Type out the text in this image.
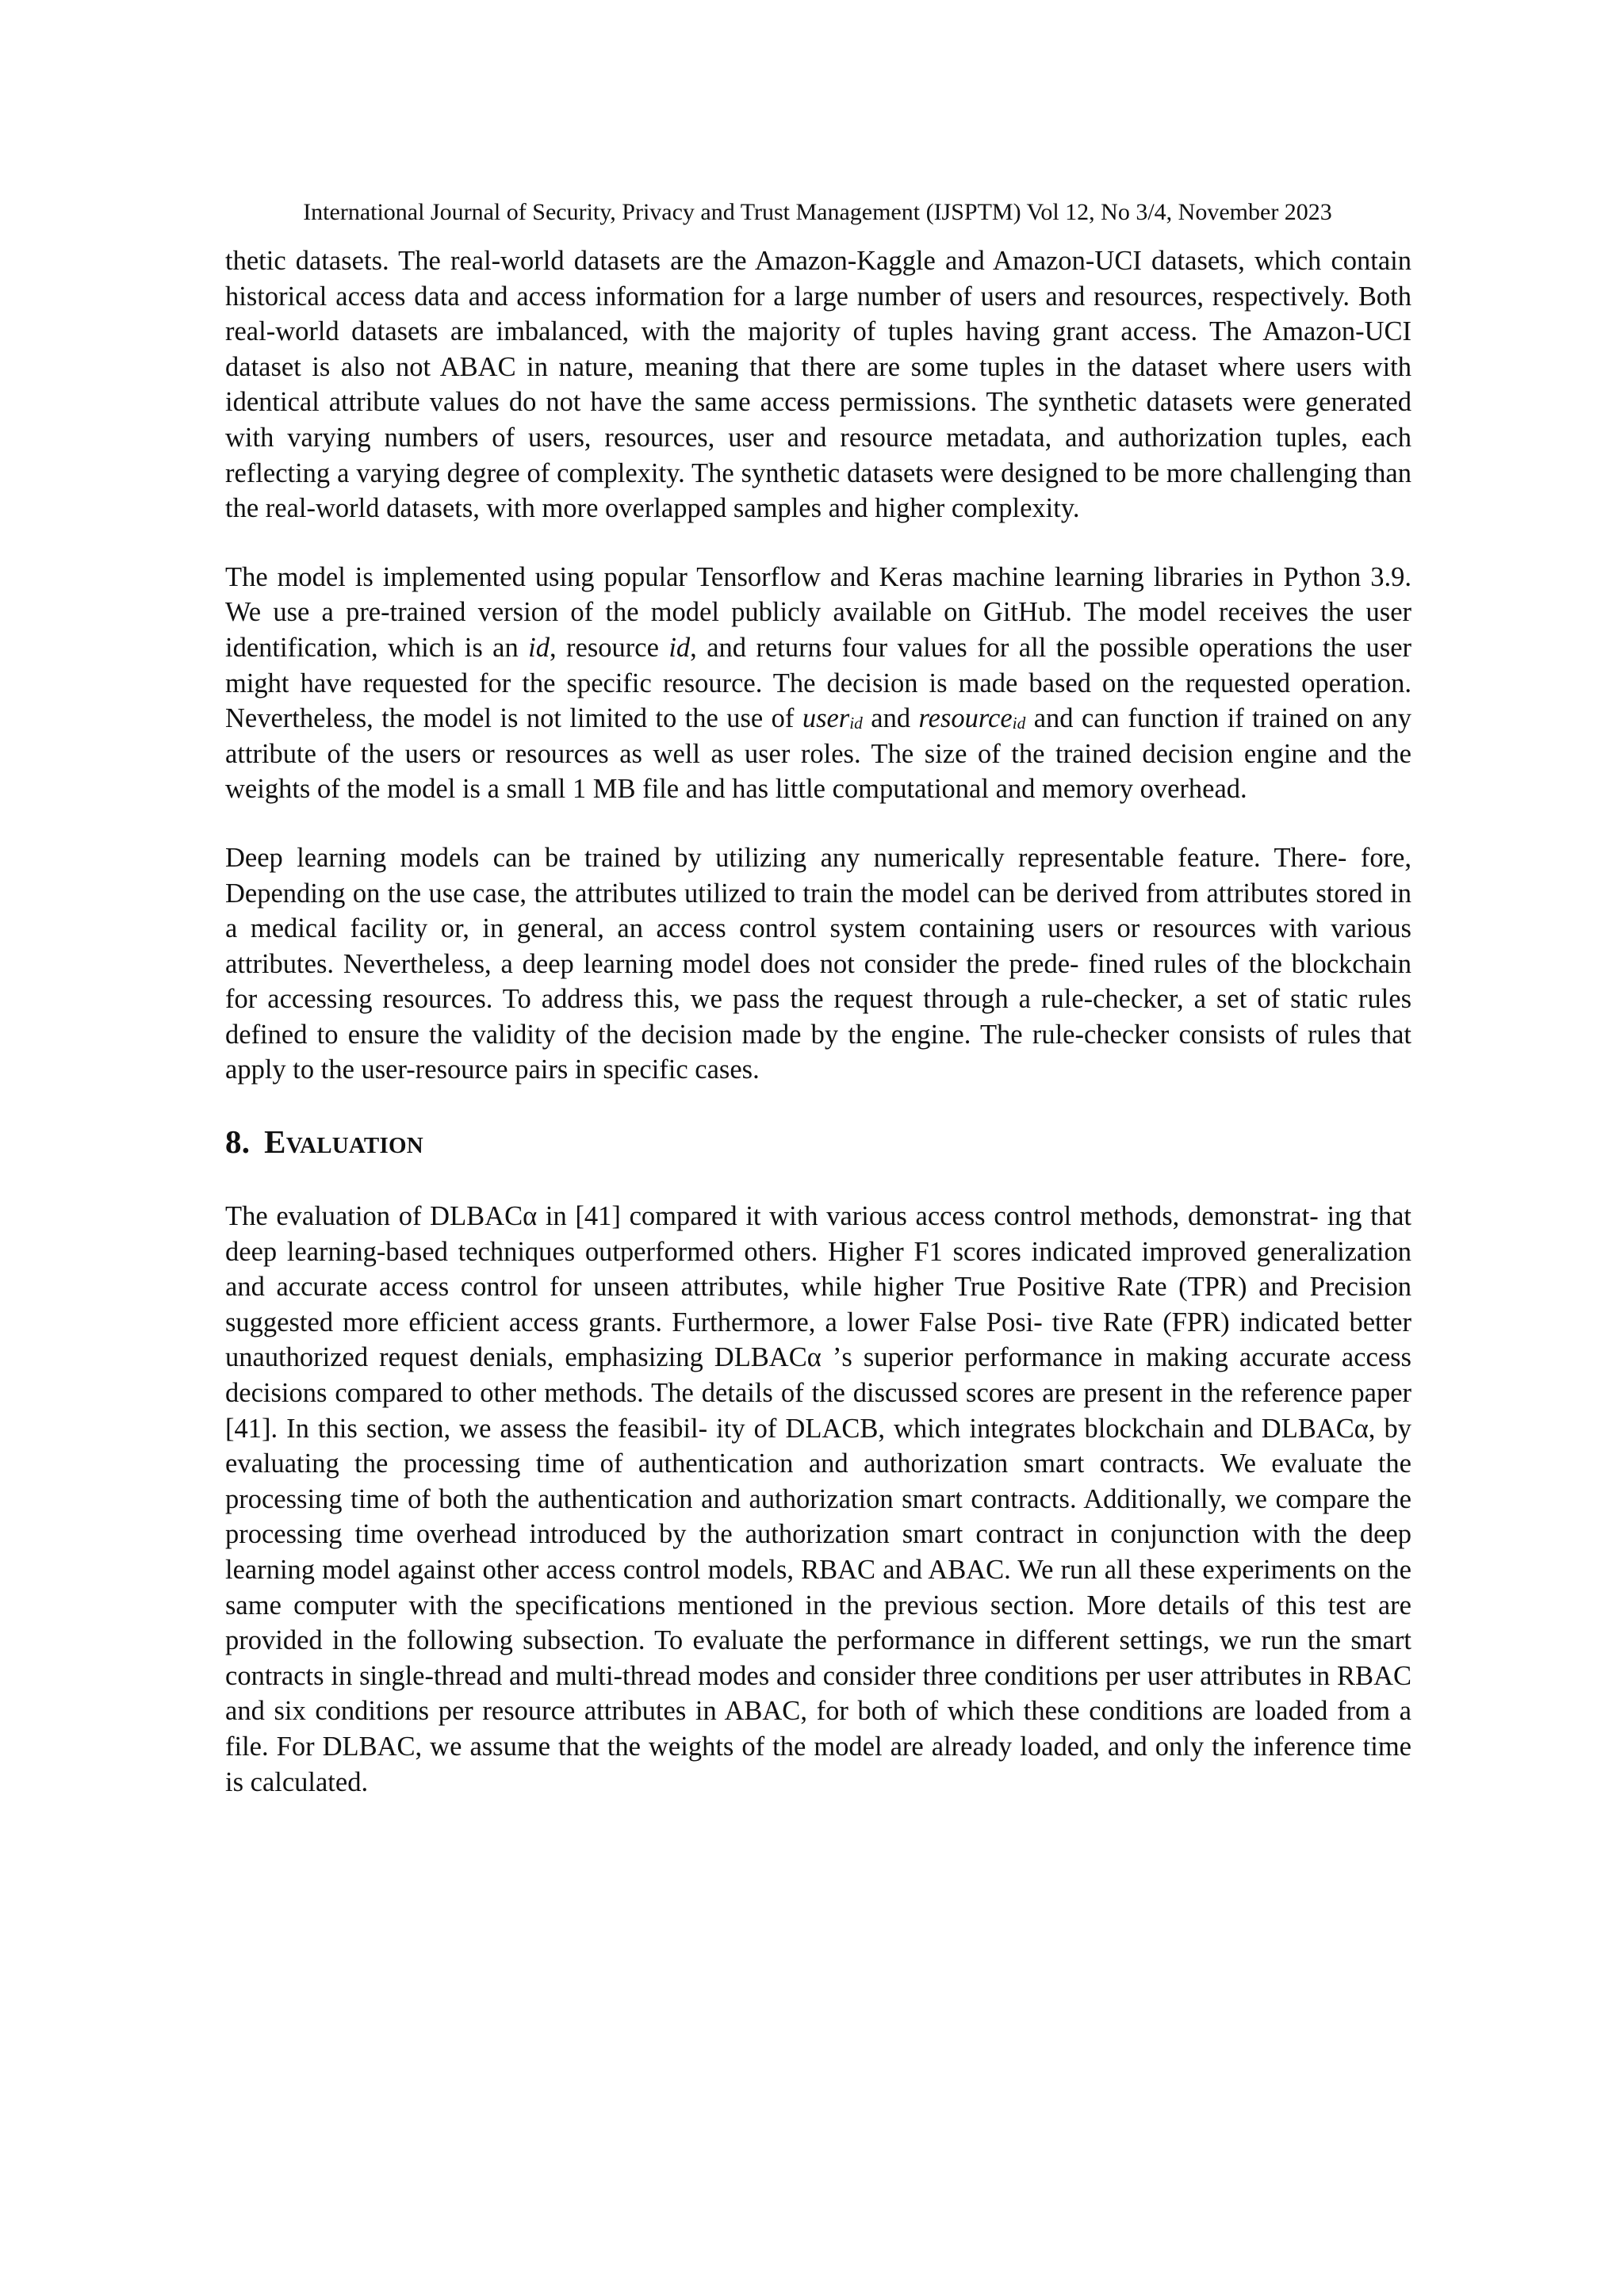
International Journal of Security, Privacy and Trust Management (IJSPTM) Vol 12, No 3/4, November 2023

thetic datasets. The real-world datasets are the Amazon-Kaggle and Amazon-UCI datasets, which contain historical access data and access information for a large number of users and resources, respectively. Both real-world datasets are imbalanced, with the majority of tuples having grant access. The Amazon-UCI dataset is also not ABAC in nature, meaning that there are some tuples in the dataset where users with identical attribute values do not have the same access permissions. The synthetic datasets were generated with varying numbers of users, resources, user and resource metadata, and authorization tuples, each reflecting a varying degree of complexity. The synthetic datasets were designed to be more challenging than the real-world datasets, with more overlapped samples and higher complexity.

The model is implemented using popular Tensorflow and Keras machine learning libraries in Python 3.9. We use a pre-trained version of the model publicly available on GitHub. The model receives the user identification, which is an id, resource id, and returns four values for all the possible operations the user might have requested for the specific resource. The decision is made based on the requested operation. Nevertheless, the model is not limited to the use of user$_{id}$ and resource$_{id}$ and can function if trained on any attribute of the users or resources as well as user roles. The size of the trained decision engine and the weights of the model is a small 1 MB file and has little computational and memory overhead.

Deep learning models can be trained by utilizing any numerically representable feature. There- fore, Depending on the use case, the attributes utilized to train the model can be derived from attributes stored in a medical facility or, in general, an access control system containing users or resources with various attributes. Nevertheless, a deep learning model does not consider the prede- fined rules of the blockchain for accessing resources. To address this, we pass the request through a rule-checker, a set of static rules defined to ensure the validity of the decision made by the engine. The rule-checker consists of rules that apply to the user-resource pairs in specific cases.

8. Evaluation

The evaluation of DLBACα in [41] compared it with various access control methods, demonstrat- ing that deep learning-based techniques outperformed others. Higher F1 scores indicated improved generalization and accurate access control for unseen attributes, while higher True Positive Rate (TPR) and Precision suggested more efficient access grants. Furthermore, a lower False Posi- tive Rate (FPR) indicated better unauthorized request denials, emphasizing DLBACα ’s superior performance in making accurate access decisions compared to other methods. The details of the discussed scores are present in the reference paper [41]. In this section, we assess the feasibil- ity of DLACB, which integrates blockchain and DLBACα, by evaluating the processing time of authentication and authorization smart contracts. We evaluate the processing time of both the authentication and authorization smart contracts. Additionally, we compare the processing time overhead introduced by the authorization smart contract in conjunction with the deep learning model against other access control models, RBAC and ABAC. We run all these experiments on the same computer with the specifications mentioned in the previous section. More details of this test are provided in the following subsection. To evaluate the performance in different settings, we run the smart contracts in single-thread and multi-thread modes and consider three conditions per user attributes in RBAC and six conditions per resource attributes in ABAC, for both of which these conditions are loaded from a file. For DLBAC, we assume that the weights of the model are already loaded, and only the inference time is calculated.
